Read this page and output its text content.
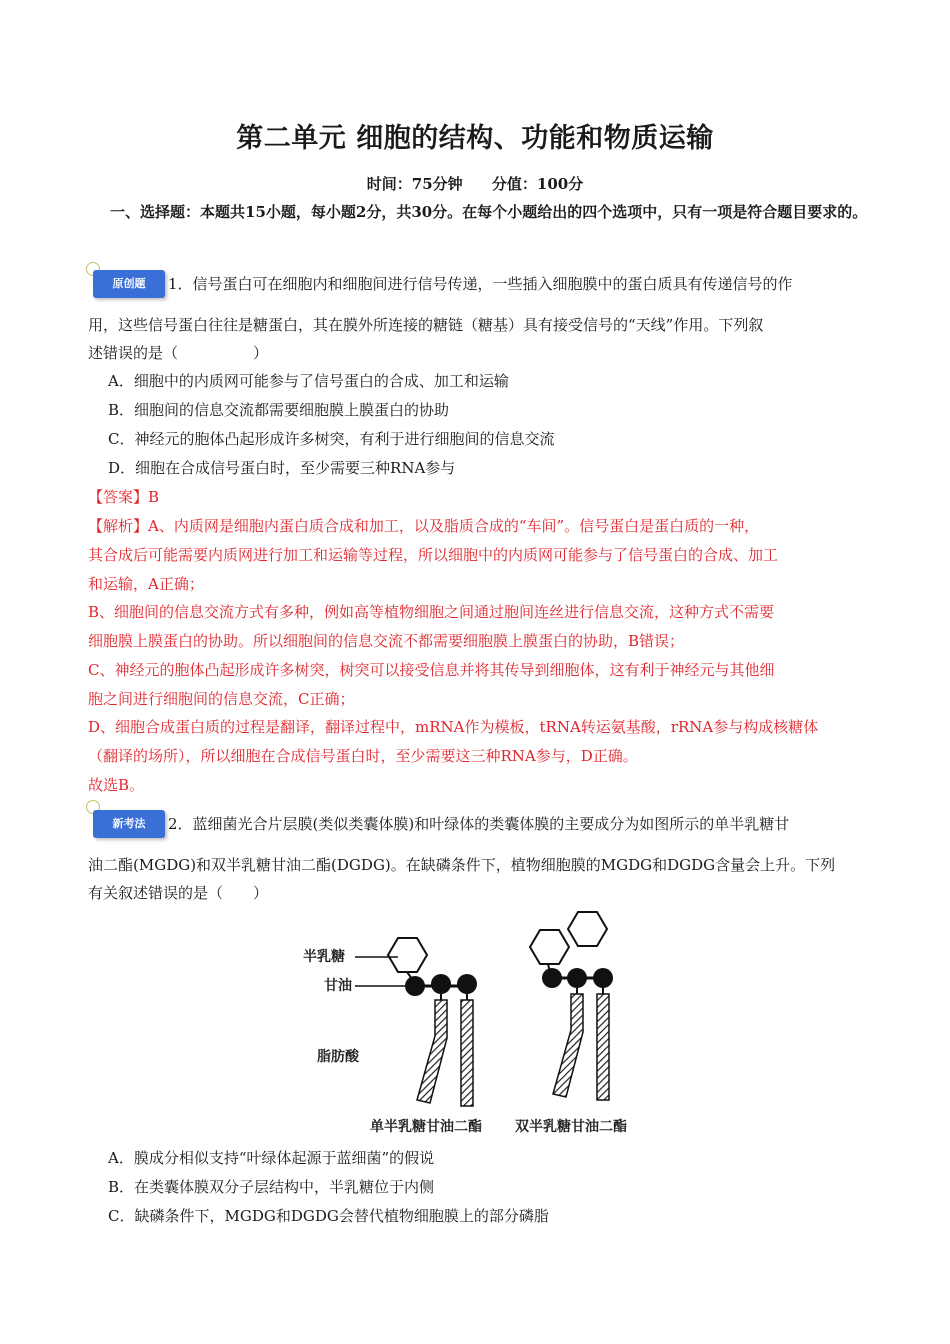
第二单元 细胞的结构、功能和物质运输
时间：75分钟 分值：100分
一、选择题：本题共15小题，每小题2分，共30分。在每个小题给出的四个选项中，只有一项是符合题目要求的。
原创题	1．信号蛋白可在细胞内和细胞间进行信号传递，一些插入细胞膜中的蛋白质具有传递信号的作
用，这些信号蛋白往往是糖蛋白，其在膜外所连接的糖链（糖基）具有接受信号的“天线”作用。下列叙
述错误的是（　　　　　）
A．细胞中的内质网可能参与了信号蛋白的合成、加工和运输
B．细胞间的信息交流都需要细胞膜上膜蛋白的协助
C．神经元的胞体凸起形成许多树突，有利于进行细胞间的信息交流
D．细胞在合成信号蛋白时，至少需要三种RNA参与
【答案】B
【解析】A、内质网是细胞内蛋白质合成和加工，以及脂质合成的“车间”。信号蛋白是蛋白质的一种，
其合成后可能需要内质网进行加工和运输等过程，所以细胞中的内质网可能参与了信号蛋白的合成、加工
和运输，A正确；
B、细胞间的信息交流方式有多种，例如高等植物细胞之间通过胞间连丝进行信息交流，这种方式不需要
细胞膜上膜蛋白的协助。所以细胞间的信息交流不都需要细胞膜上膜蛋白的协助，B错误；
C、神经元的胞体凸起形成许多树突，树突可以接受信息并将其传导到细胞体，这有利于神经元与其他细
胞之间进行细胞间的信息交流，C正确；
D、细胞合成蛋白质的过程是翻译，翻译过程中，mRNA作为模板，tRNA转运氨基酸，rRNA参与构成核糖体
（翻译的场所），所以细胞在合成信号蛋白时，至少需要这三种RNA参与，D正确。
故选B。
新考法	2．蓝细菌光合片层膜(类似类囊体膜)和叶绿体的类囊体膜的主要成分为如图所示的单半乳糖甘
油二酯(MGDG)和双半乳糖甘油二酯(DGDG)。在缺磷条件下，植物细胞膜的MGDG和DGDG含量会上升。下列
有关叙述错误的是（　　）
半乳糖
甘油
脂肪酸
单半乳糖甘油二酯 双半乳糖甘油二酯
A．膜成分相似支持“叶绿体起源于蓝细菌”的假说
B．在类囊体膜双分子层结构中，半乳糖位于内侧
C．缺磷条件下，MGDG和DGDG会替代植物细胞膜上的部分磷脂
